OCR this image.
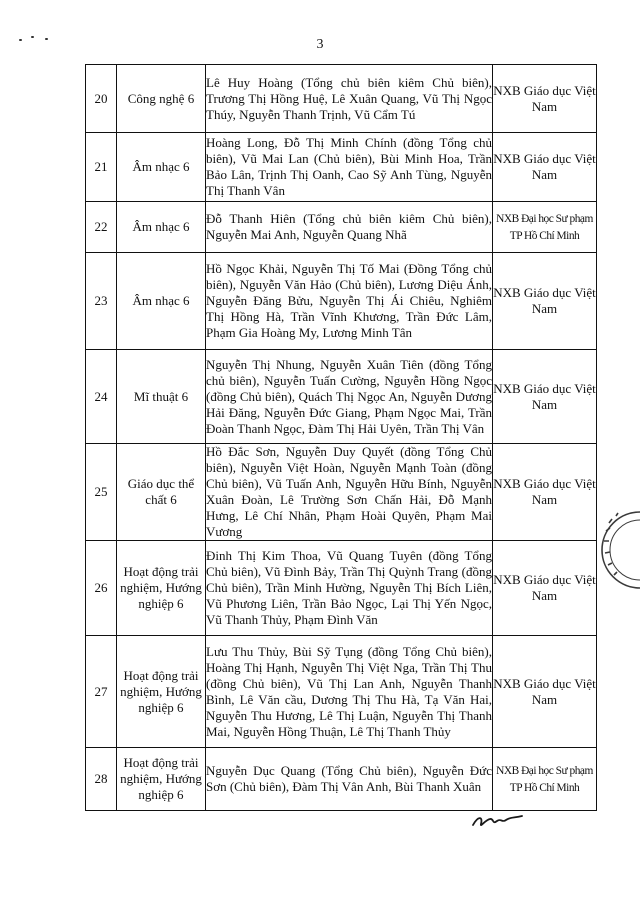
3
20	Công nghệ 6	Lê Huy Hoàng (Tổng chủ biên kiêm Chủ biên), Trương Thị Hồng Huệ, Lê Xuân Quang, Vũ Thị Ngọc Thúy, Nguyễn Thanh Trịnh, Vũ Cẩm Tú	NXB Giáo dục Việt Nam
21	Âm nhạc 6	Hoàng Long, Đỗ Thị Minh Chính (đồng Tổng chủ biên), Vũ Mai Lan (Chủ biên), Bùi Minh Hoa, Trần Bảo Lân, Trịnh Thị Oanh, Cao Sỹ Anh Tùng, Nguyễn Thị Thanh Vân	NXB Giáo dục Việt Nam
22	Âm nhạc 6	Đỗ Thanh Hiên (Tổng chủ biên kiêm Chủ biên), Nguyễn Mai Anh, Nguyễn Quang Nhã	NXB Đại học Sư phạm TP Hồ Chí Minh
23	Âm nhạc 6	Hồ Ngọc Khải, Nguyễn Thị Tố Mai (Đồng Tổng chủ biên), Nguyễn Văn Hảo (Chủ biên), Lương Diệu Ánh, Nguyễn Đăng Bửu, Nguyễn Thị Ái Chiêu, Nghiêm Thị Hồng Hà, Trần Vĩnh Khương, Trần Đức Lâm, Phạm Gia Hoàng My, Lương Minh Tân	NXB Giáo dục Việt Nam
24	Mĩ thuật 6	Nguyễn Thị Nhung, Nguyễn Xuân Tiên (đồng Tổng chủ biên), Nguyễn Tuấn Cường, Nguyễn Hồng Ngọc (đồng Chủ biên), Quách Thị Ngọc An, Nguyễn Dương Hải Đăng, Nguyễn Đức Giang, Phạm Ngọc Mai, Trần Đoàn Thanh Ngọc, Đàm Thị Hải Uyên, Trần Thị Vân	NXB Giáo dục Việt Nam
25	Giáo dục thể chất 6	Hồ Đắc Sơn, Nguyễn Duy Quyết (đồng Tổng Chủ biên), Nguyễn Việt Hoàn, Nguyễn Mạnh Toàn (đồng Chủ biên), Vũ Tuấn Anh, Nguyễn Hữu Bính, Nguyễn Xuân Đoàn, Lê Trường Sơn Chấn Hải, Đỗ Mạnh Hưng, Lê Chí Nhân, Phạm Hoài Quyên, Phạm Mai Vương	NXB Giáo dục Việt Nam
26	Hoạt động trải nghiệm, Hướng nghiệp 6	Đinh Thị Kim Thoa, Vũ Quang Tuyên (đồng Tổng Chủ biên), Vũ Đình Bảy, Trần Thị Quỳnh Trang (đồng Chủ biên), Trần Minh Hường, Nguyễn Thị Bích Liên, Vũ Phương Liên, Trần Bảo Ngọc, Lại Thị Yến Ngọc, Vũ Thanh Thủy, Phạm Đình Văn	NXB Giáo dục Việt Nam
27	Hoạt động trải nghiệm, Hướng nghiệp 6	Lưu Thu Thủy, Bùi Sỹ Tụng (đồng Tổng Chủ biên), Hoàng Thị Hạnh, Nguyễn Thị Việt Nga, Trần Thị Thu (đồng Chủ biên), Vũ Thị Lan Anh, Nguyễn Thanh Bình, Lê Văn cầu, Dương Thị Thu Hà, Tạ Văn Hai, Nguyễn Thu Hương, Lê Thị Luận, Nguyễn Thị Thanh Mai, Nguyễn Hồng Thuận, Lê Thị Thanh Thủy	NXB Giáo dục Việt Nam
28	Hoạt động trải nghiệm, Hướng nghiệp 6	Nguyễn Dục Quang (Tổng Chủ biên), Nguyễn Đức Sơn (Chủ biên), Đàm Thị Vân Anh, Bùi Thanh Xuân	NXB Đại học Sư phạm TP Hồ Chí Minh
